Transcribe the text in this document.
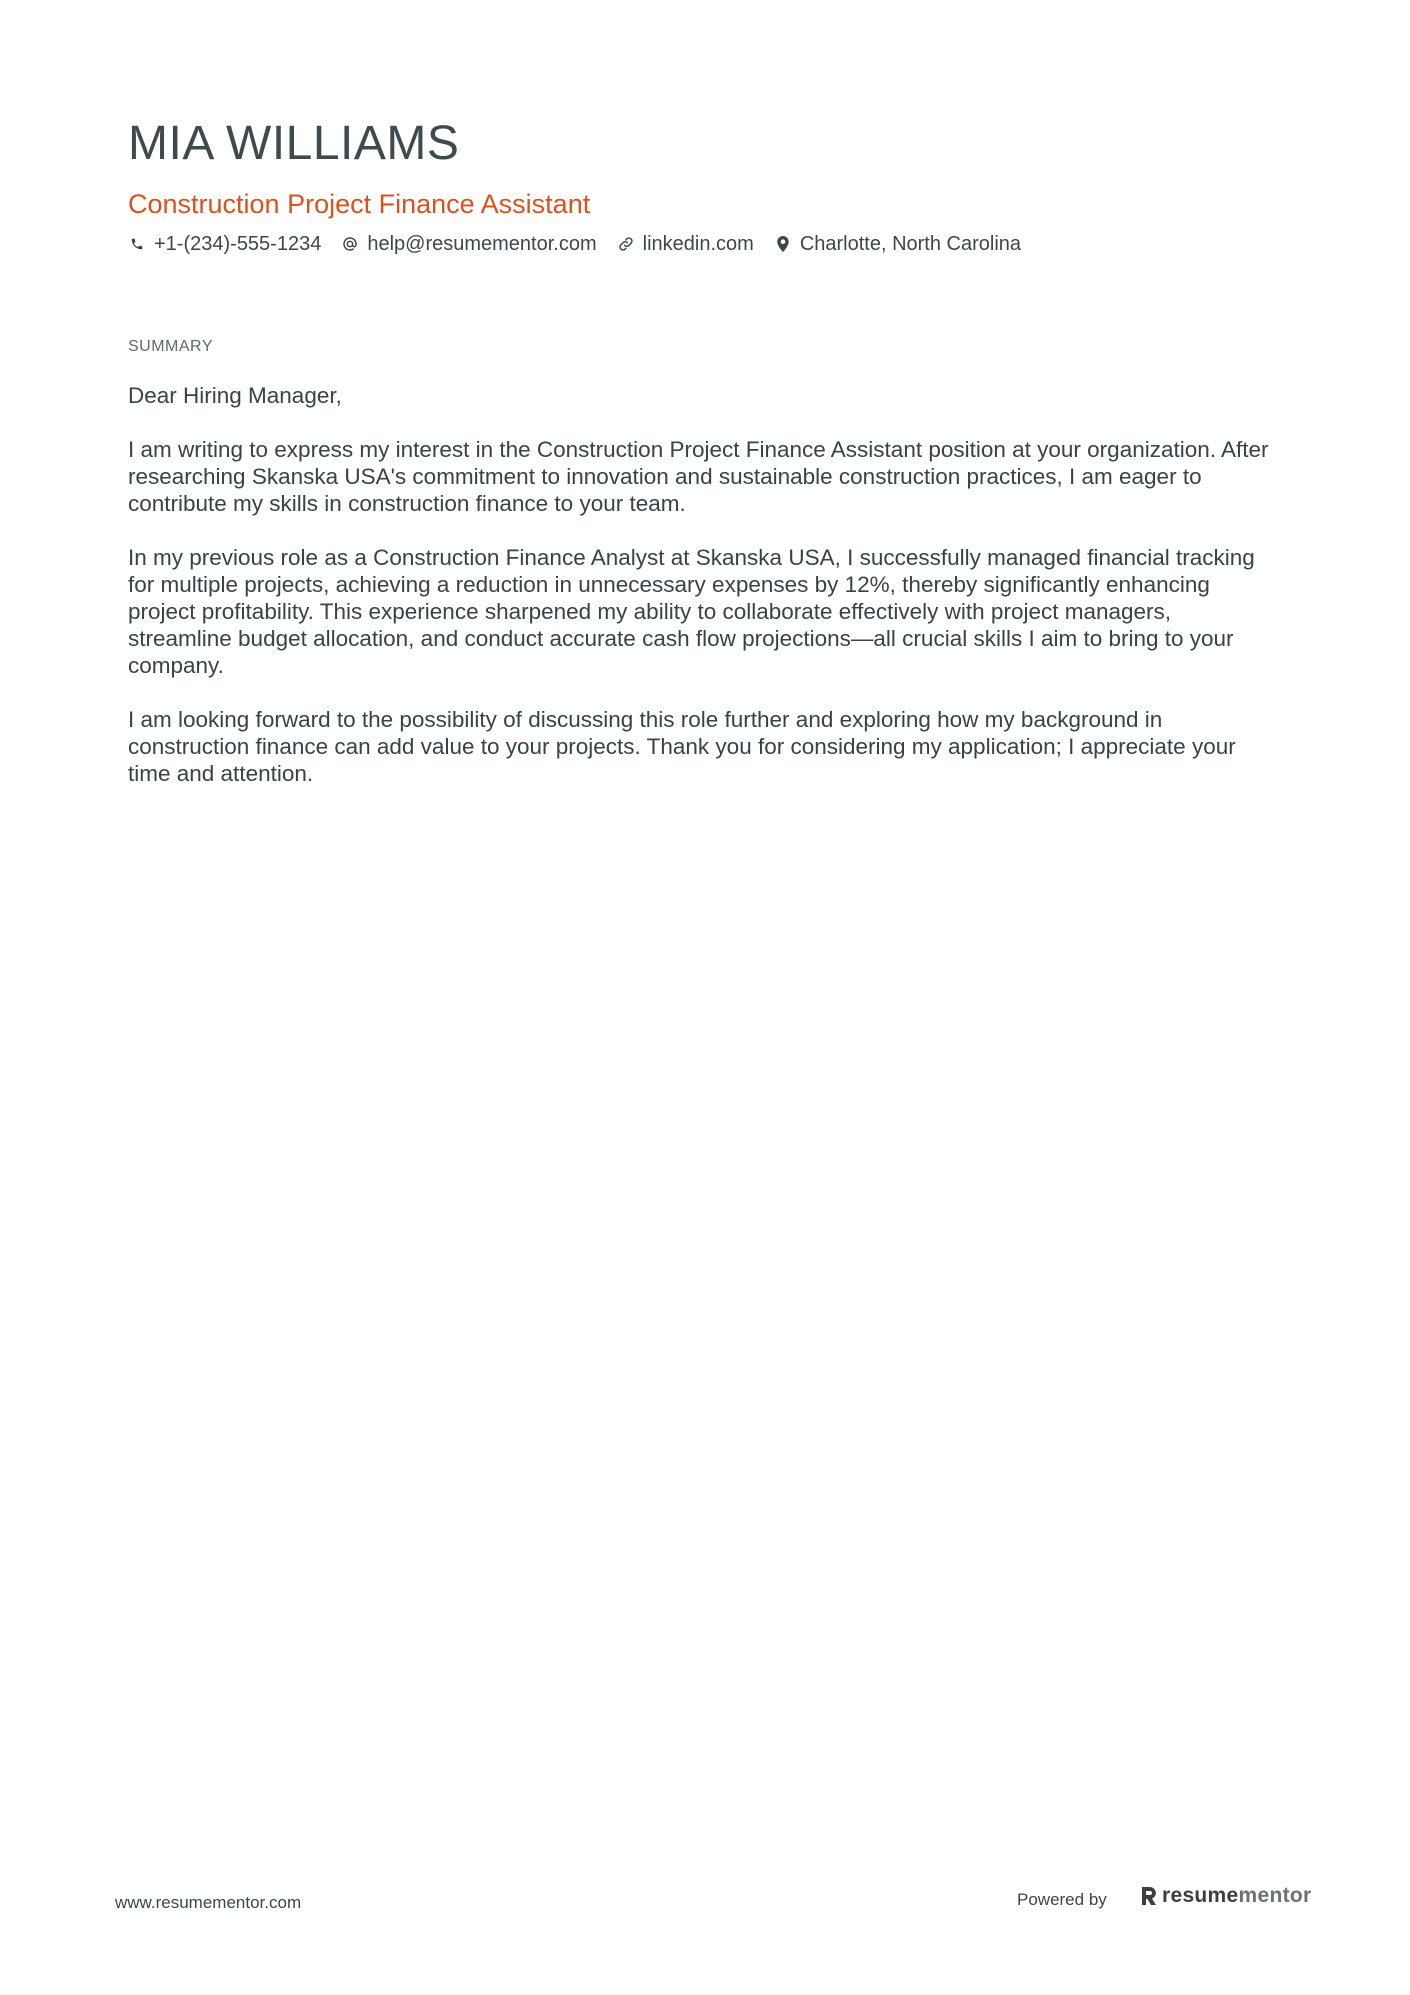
MIA WILLIAMS
Construction Project Finance Assistant
+1-(234)-555-1234 help@resumementor.com linkedin.com Charlotte, North Carolina
SUMMARY

Dear Hiring Manager,

I am writing to express my interest in the Construction Project Finance Assistant position at your organization. After researching Skanska USA's commitment to innovation and sustainable construction practices, I am eager to contribute my skills in construction finance to your team.

In my previous role as a Construction Finance Analyst at Skanska USA, I successfully managed financial tracking for multiple projects, achieving a reduction in unnecessary expenses by 12%, thereby significantly enhancing project profitability. This experience sharpened my ability to collaborate effectively with project managers, streamline budget allocation, and conduct accurate cash flow projections—all crucial skills I aim to bring to your company.

I am looking forward to the possibility of discussing this role further and exploring how my background in construction finance can add value to your projects. Thank you for considering my application; I appreciate your time and attention.

www.resumementor.com	Powered by	resume mentor
